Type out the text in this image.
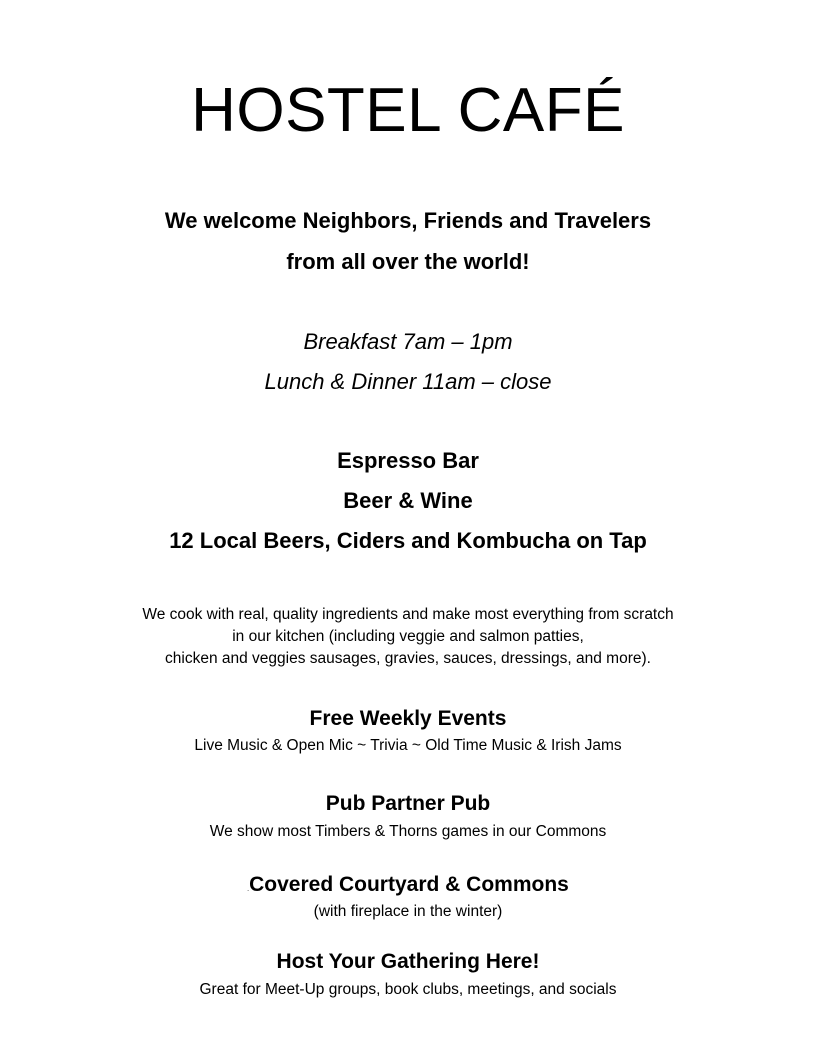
HOSTEL CAFÉ

We welcome Neighbors, Friends and Travelers

from all over the world!

Breakfast 7am – 1pm

Lunch & Dinner 11am – close

Espresso Bar

Beer & Wine

12 Local Beers, Ciders and Kombucha on Tap

We cook with real, quality ingredients and make most everything from scratch

in our kitchen (including veggie and salmon patties,

chicken and veggies sausages, gravies, sauces, dressings, and more).

Free Weekly Events

Live Music & Open Mic ~ Trivia ~ Old Time Music & Irish Jams

Pub Partner Pub

We show most Timbers & Thorns games in our Commons

.Covered Courtyard & Commons

(with fireplace in the winter)

Host Your Gathering Here!

Great for Meet-Up groups, book clubs, meetings, and socials
